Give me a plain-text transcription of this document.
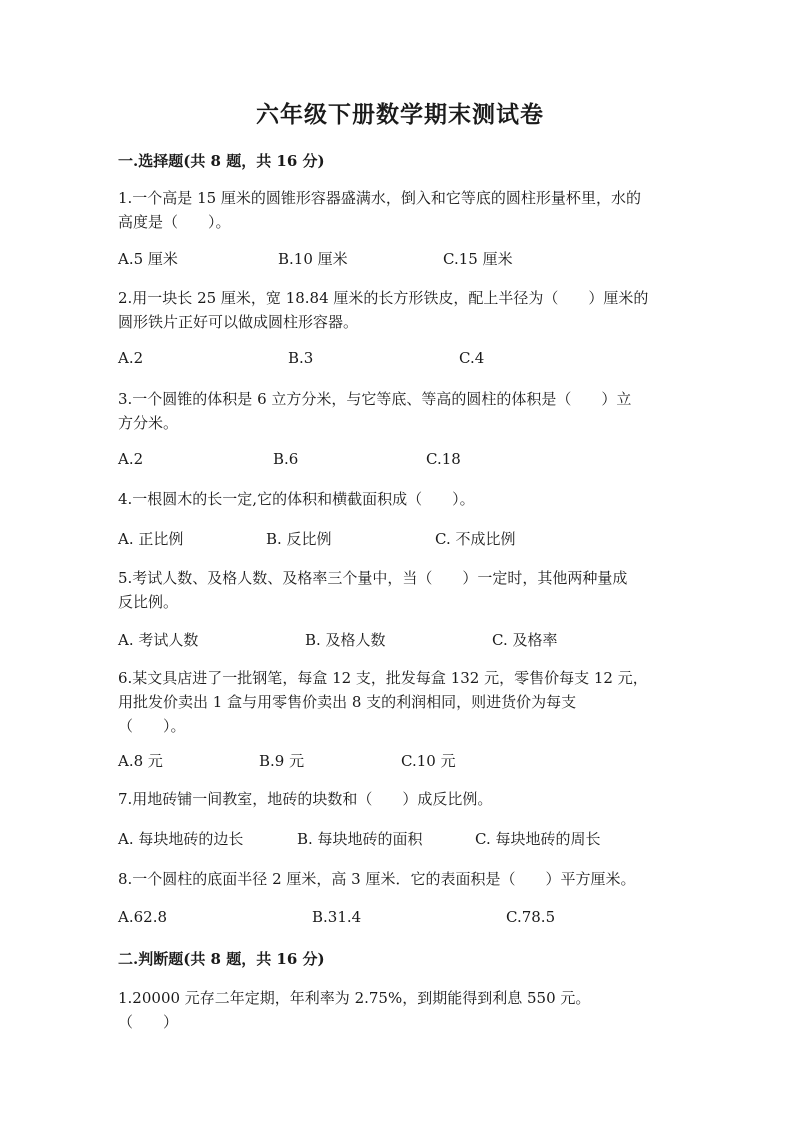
六年级下册数学期末测试卷
一.选择题(共 8 题，共 16 分)
1.一个高是 15 厘米的圆锥形容器盛满水，倒入和它等底的圆柱形量杯里，水的
高度是（　　）。
A.5 厘米	B.10 厘米	C.15 厘米
2.用一块长 25 厘米，宽 18.84 厘米的长方形铁皮，配上半径为（　　）厘米的
圆形铁片正好可以做成圆柱形容器。
A.2	B.3	C.4
3.一个圆锥的体积是 6 立方分米，与它等底、等高的圆柱的体积是（　　）立
方分米。
A.2	B.6	C.18
4.一根圆木的长一定,它的体积和横截面积成（　　）。
A. 正比例	B. 反比例	C. 不成比例
5.考试人数、及格人数、及格率三个量中，当（　　）一定时，其他两种量成
反比例。
A. 考试人数	B. 及格人数	C. 及格率
6.某文具店进了一批钢笔，每盒 12 支，批发每盒 132 元，零售价每支 12 元，
用批发价卖出 1 盒与用零售价卖出 8 支的利润相同，则进货价为每支
（　　）。
A.8 元	B.9 元	C.10 元
7.用地砖铺一间教室，地砖的块数和（　　）成反比例。
A. 每块地砖的边长	B. 每块地砖的面积	C. 每块地砖的周长
8.一个圆柱的底面半径 2 厘米，高 3 厘米．它的表面积是（　　）平方厘米。
A.62.8	B.31.4	C.78.5
二.判断题(共 8 题，共 16 分)
1.20000 元存二年定期，年利率为 2.75%，到期能得到利息 550 元。
（　　）
